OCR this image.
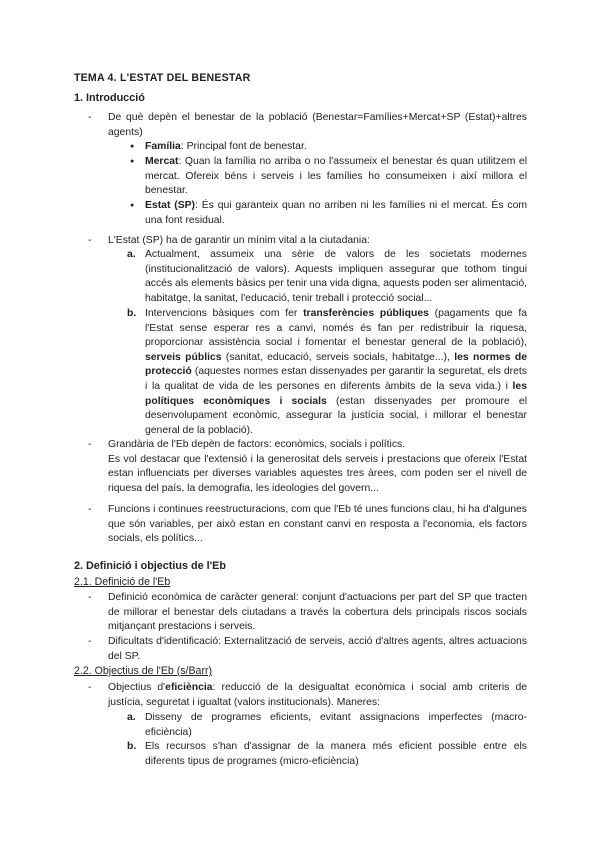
TEMA 4. L'ESTAT DEL BENESTAR
1. Introducció
De què depèn el benestar de la població (Benestar=Famílies+Mercat+SP (Estat)+altres agents)
● Família: Principal font de benestar.
● Mercat: Quan la família no arriba o no l'assumeix el benestar és quan utilitzem el mercat. Ofereix béns i serveis i les famílies ho consumeixen i així millora el benestar.
● Estat (SP): És qui garanteix quan no arriben ni les famílies ni el mercat. És com una font residual.
L'Estat (SP) ha de garantir un mínim vital a la ciutadania:
a. Actualment, assumeix una sèrie de valors de les societats modernes (institucionalització de valors). Aquests impliquen assegurar que tothom tingui accés als elements bàsics per tenir una vida digna, aquests poden ser alimentació, habitatge, la sanitat, l'educació, tenir treball i protecció social...
b. Intervencions bàsiques com fer transferències públiques (pagaments que fa l'Estat sense esperar res a canvi, només és fan per redistribuir la riquesa, proporcionar assistència social i fomentar el benestar general de la població), serveis públics (sanitat, educació, serveis socials, habitatge...), les normes de protecció (aquestes normes estan dissenyades per garantir la seguretat, els drets i la qualitat de vida de les persones en diferents àmbits de la seva vida.) i les polítiques econòmiques i socials (estan dissenyades per promoure el desenvolupament econòmic, assegurar la justícia social, i millorar el benestar general de la població).

Grandària de l'Eb depèn de factors: econòmics, socials i polítics.

Es vol destacar que l'extensió i la generositat dels serveis i prestacions que ofereix l'Estat estan influenciats per diverses variables aquestes tres àrees, com poden ser el nivell de riquesa del país, la demografia, les ideologies del govern...

Funcions i continues reestructuracions, com que l'Eb té unes funcions clau, hi ha d'algunes que són variables, per això estan en constant canvi en resposta a l'economia, els factors socials, els polítics...
2. Definició i objectius de l'Eb
2.1. Definició de l'Eb
Definició econòmica de caràcter general: conjunt d'actuacions per part del SP que tracten de millorar el benestar dels ciutadans a través la cobertura dels principals riscos socials mitjançant prestacions i serveis.
Dificultats d'identificació: Externalització de serveis, acció d'altres agents, altres actuacions del SP.
2.2. Objectius de l'Eb (s/Barr)
Objectius d'eficiència: reducció de la desigualtat econòmica i social amb criteris de justícia, seguretat i igualtat (valors institucionals). Maneres:
a. Disseny de programes eficients, evitant assignacions imperfectes (macro-eficiència)
b. Els recursos s'han d'assignar de la manera més eficient possible entre els diferents tipus de programes (micro-eficiència)
